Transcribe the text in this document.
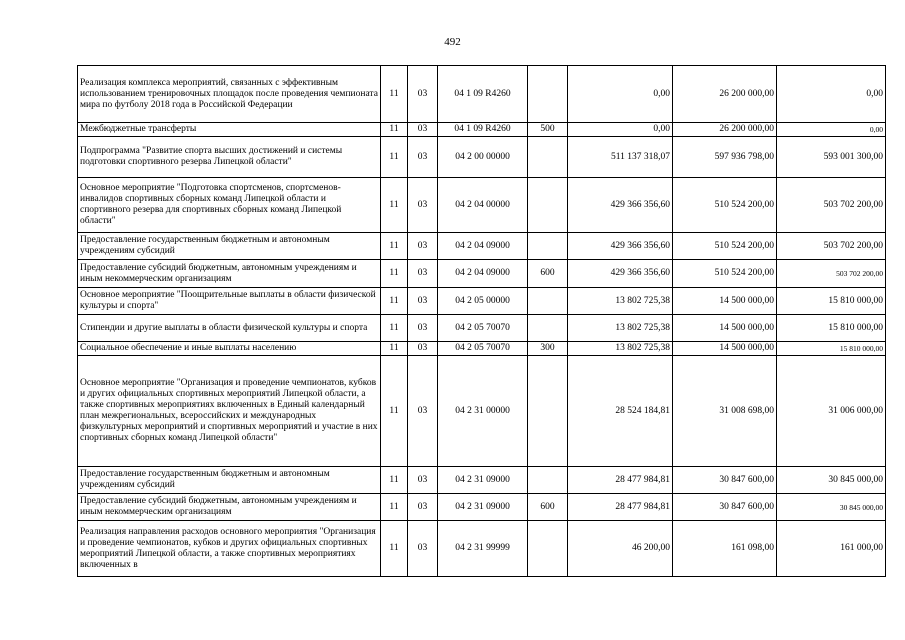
492
Реализация комплекса мероприятий, связанных с эффективным использованием тренировочных площадок после проведения чемпионата мира по футболу 2018 года в Российской Федерации	11	03	04 1 09 R4260		0,00	26 200 000,00	0,00
Межбюджетные трансферты	11	03	04 1 09 R4260	500	0,00	26 200 000,00	0,00
Подпрограмма "Развитие спорта высших достижений и системы подготовки спортивного резерва Липецкой области"	11	03	04 2 00 00000		511 137 318,07	597 936 798,00	593 001 300,00
Основное мероприятие "Подготовка спортсменов, спортсменов-инвалидов спортивных сборных команд Липецкой области и спортивного резерва для спортивных сборных команд Липецкой области"	11	03	04 2 04 00000		429 366 356,60	510 524 200,00	503 702 200,00
Предоставление государственным бюджетным и автономным учреждениям субсидий	11	03	04 2 04 09000		429 366 356,60	510 524 200,00	503 702 200,00
Предоставление субсидий бюджетным, автономным учреждениям и иным некоммерческим организациям	11	03	04 2 04 09000	600	429 366 356,60	510 524 200,00	503 702 200,00
Основное мероприятие "Поощрительные выплаты в области физической культуры и спорта"	11	03	04 2 05 00000		13 802 725,38	14 500 000,00	15 810 000,00
Стипендии и другие выплаты в области физической культуры и спорта	11	03	04 2 05 70070		13 802 725,38	14 500 000,00	15 810 000,00
Социальное обеспечение и иные выплаты населению	11	03	04 2 05 70070	300	13 802 725,38	14 500 000,00	15 810 000,00
Основное мероприятие "Организация и проведение чемпионатов, кубков и других официальных спортивных мероприятий Липецкой области, а также спортивных мероприятиях включенных в Единый календарный план межрегиональных, всероссийских и международных физкультурных мероприятий и спортивных мероприятий и участие в них спортивных сборных команд Липецкой области"	11	03	04 2 31 00000		28 524 184,81	31 008 698,00	31 006 000,00
Предоставление государственным бюджетным и автономным учреждениям субсидий	11	03	04 2 31 09000		28 477 984,81	30 847 600,00	30 845 000,00
Предоставление субсидий бюджетным, автономным учреждениям и иным некоммерческим организациям	11	03	04 2 31 09000	600	28 477 984,81	30 847 600,00	30 845 000,00
Реализация направления расходов основного мероприятия "Организация и проведение чемпионатов, кубков и других официальных спортивных мероприятий Липецкой области, а также спортивных мероприятиях включенных в	11	03	04 2 31 99999		46 200,00	161 098,00	161 000,00
